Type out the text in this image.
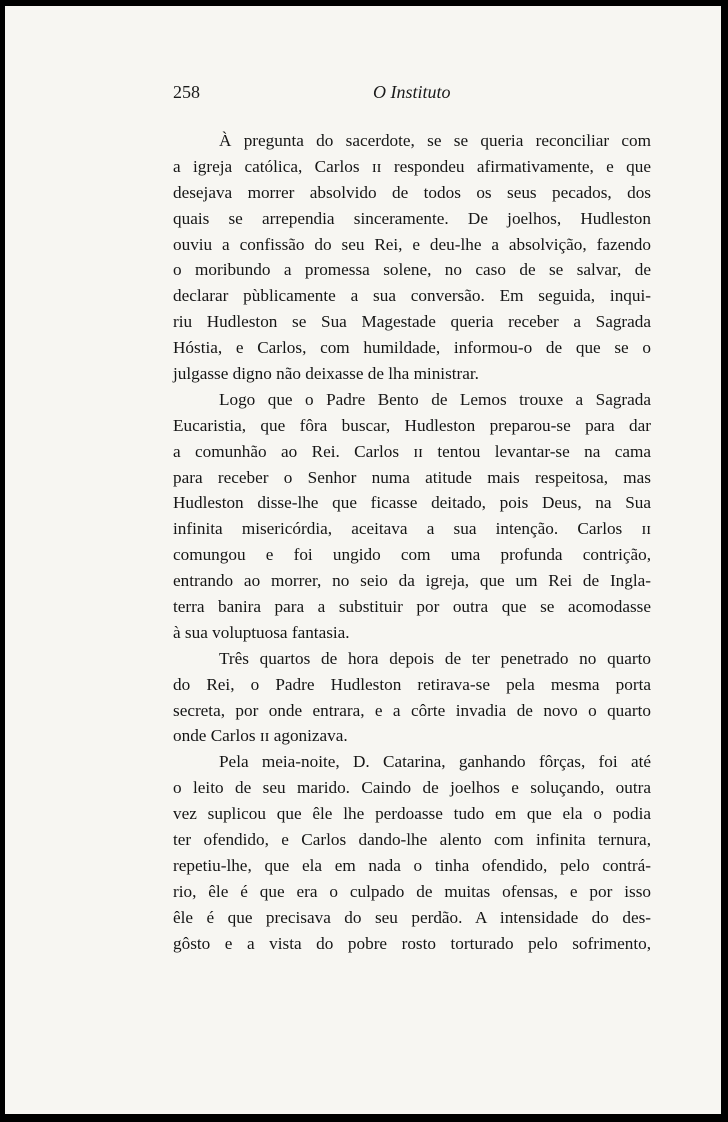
258	O Instituto
À pregunta do sacerdote, se se queria reconciliar com
a igreja católica, Carlos ɪɪ respondeu afirmativamente, e que
desejava morrer absolvido de todos os seus pecados, dos
quais se arrependia sinceramente. De joelhos, Hudleston
ouviu a confissão do seu Rei, e deu-lhe a absolvição, fazendo
o moribundo a promessa solene, no caso de se salvar, de
declarar pùblicamente a sua conversão. Em seguida, inqui-
riu Hudleston se Sua Magestade queria receber a Sagrada
Hóstia, e Carlos, com humildade, informou-o de que se o
julgasse digno não deixasse de lha ministrar.
Logo que o Padre Bento de Lemos trouxe a Sagrada
Eucaristia, que fôra buscar, Hudleston preparou-se para dar
a comunhão ao Rei. Carlos ɪɪ tentou levantar-se na cama
para receber o Senhor numa atitude mais respeitosa, mas
Hudleston disse-lhe que ficasse deitado, pois Deus, na Sua
infinita misericórdia, aceitava a sua intenção. Carlos ɪɪ
comungou e foi ungido com uma profunda contrição,
entrando ao morrer, no seio da igreja, que um Rei de Ingla-
terra banira para a substituir por outra que se acomodasse
à sua voluptuosa fantasia.
Três quartos de hora depois de ter penetrado no quarto
do Rei, o Padre Hudleston retirava-se pela mesma porta
secreta, por onde entrara, e a côrte invadia de novo o quarto
onde Carlos ɪɪ agonizava.
Pela meia-noite, D. Catarina, ganhando fôrças, foi até
o leito de seu marido. Caindo de joelhos e soluçando, outra
vez suplicou que êle lhe perdoasse tudo em que ela o podia
ter ofendido, e Carlos dando-lhe alento com infinita ternura,
repetiu-lhe, que ela em nada o tinha ofendido, pelo contrá-
rio, êle é que era o culpado de muitas ofensas, e por isso
êle é que precisava do seu perdão. A intensidade do des-
gôsto e a vista do pobre rosto torturado pelo sofrimento,
